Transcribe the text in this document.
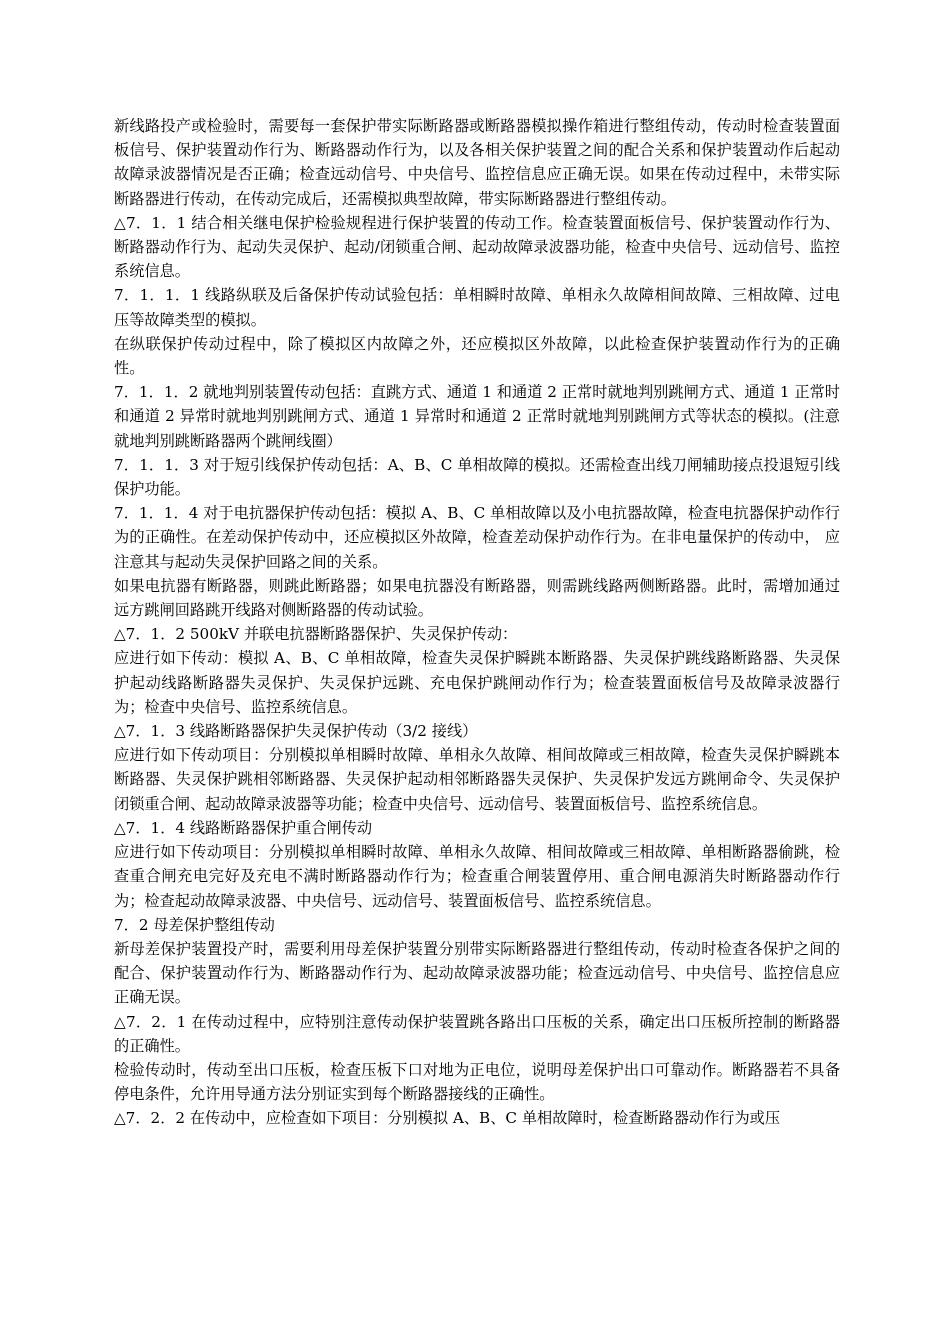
新线路投产或检验时，需要每一套保护带实际断路器或断路器模拟操作箱进行整组传动，传动时检查装置面板信号、保护装置动作行为、断路器动作行为，以及各相关保护装置之间的配合关系和保护装置动作后起动故障录波器情况是否正确；检查远动信号、中央信号、监控信息应正确无误。如果在传动过程中，未带实际断路器进行传动，在传动完成后，还需模拟典型故障，带实际断路器进行整组传动。

△7．1．1 结合相关继电保护检验规程进行保护装置的传动工作。检查装置面板信号、保护装置动作行为、断路器动作行为、起动失灵保护、起动/闭锁重合闸、起动故障录波器功能，检查中央信号、远动信号、监控系统信息。

7．1．1．1 线路纵联及后备保护传动试验包括：单相瞬时故障、单相永久故障相间故障、三相故障、过电压等故障类型的模拟。

在纵联保护传动过程中，除了模拟区内故障之外，还应模拟区外故障，以此检查保护装置动作行为的正确性。

7．1．1．2 就地判别装置传动包括：直跳方式、通道 1 和通道 2 正常时就地判别跳闸方式、通道 1 正常时和通道 2 异常时就地判别跳闸方式、通道 1 异常时和通道 2 正常时就地判别跳闸方式等状态的模拟。(注意就地判别跳断路器两个跳闸线圈）

7．1．1．3 对于短引线保护传动包括：A、B、C 单相故障的模拟。还需检查出线刀闸辅助接点投退短引线保护功能。

7．1．1．4 对于电抗器保护传动包括：模拟 A、B、C 单相故障以及小电抗器故障，检查电抗器保护动作行为的正确性。在差动保护传动中，还应模拟区外故障，检查差动保护动作行为。在非电量保护的传动中， 应注意其与起动失灵保护回路之间的关系。

如果电抗器有断路器，则跳此断路器；如果电抗器没有断路器，则需跳线路两侧断路器。此时，需增加通过远方跳闸回路跳开线路对侧断路器的传动试验。

△7．1．2 500kV 并联电抗器断路器保护、失灵保护传动：

应进行如下传动：模拟 A、B、C 单相故障，检查失灵保护瞬跳本断路器、失灵保护跳线路断路器、失灵保护起动线路断路器失灵保护、失灵保护远跳、充电保护跳闸动作行为；检查装置面板信号及故障录波器行为；检查中央信号、监控系统信息。

△7．1．3 线路断路器保护失灵保护传动（3/2 接线）

应进行如下传动项目：分别模拟单相瞬时故障、单相永久故障、相间故障或三相故障，检查失灵保护瞬跳本断路器、失灵保护跳相邻断路器、失灵保护起动相邻断路器失灵保护、失灵保护发远方跳闸命令、失灵保护闭锁重合闸、起动故障录波器等功能；检查中央信号、远动信号、装置面板信号、监控系统信息。

△7．1．4 线路断路器保护重合闸传动

应进行如下传动项目：分别模拟单相瞬时故障、单相永久故障、相间故障或三相故障、单相断路器偷跳，检查重合闸充电完好及充电不满时断路器动作行为；检查重合闸装置停用、重合闸电源消失时断路器动作行为；检查起动故障录波器、中央信号、远动信号、装置面板信号、监控系统信息。

7．2 母差保护整组传动

新母差保护装置投产时，需要利用母差保护装置分别带实际断路器进行整组传动，传动时检查各保护之间的配合、保护装置动作行为、断路器动作行为、起动故障录波器功能；检查远动信号、中央信号、监控信息应正确无误。

△7．2．1 在传动过程中，应特别注意传动保护装置跳各路出口压板的关系，确定出口压板所控制的断路器的正确性。

检验传动时，传动至出口压板，检查压板下口对地为正电位，说明母差保护出口可靠动作。断路器若不具备停电条件，允许用导通方法分别证实到每个断路器接线的正确性。

△7．2．2 在传动中，应检查如下项目：分别模拟 A、B、C 单相故障时，检查断路器动作行为或压
